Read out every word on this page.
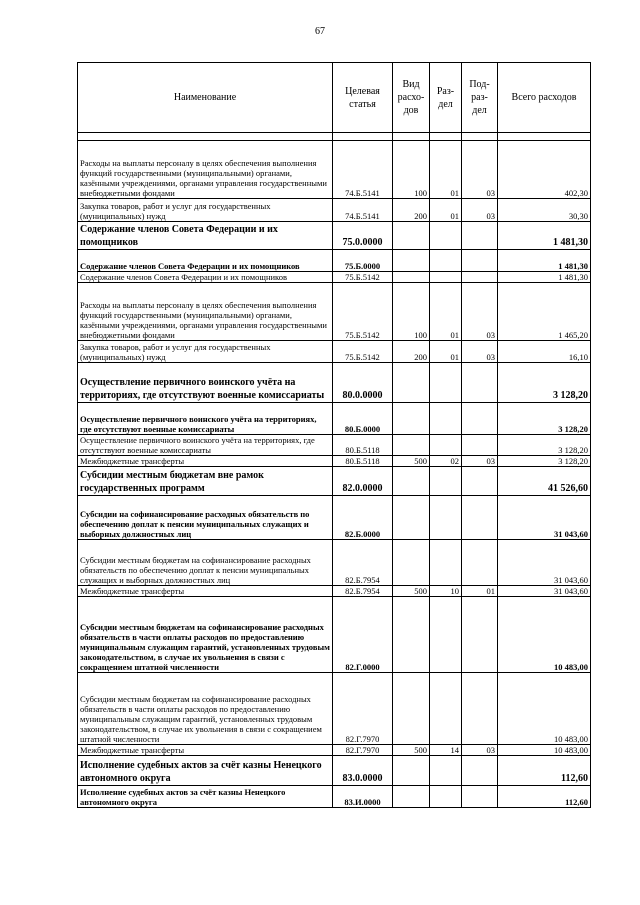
67
Наименование	Целевая статья	Вид расхо-дов	Раз-дел	Под-раз-дел	Всего расходов

Расходы на выплаты персоналу в целях обеспечения выполнения функций государственными (муниципальными) органами, казёнными учреждениями, органами управления государственными внебюджетными фондами	74.Б.5141	100	01	03	402,30
Закупка товаров, работ и услуг для государственных (муниципальных) нужд	74.Б.5141	200	01	03	30,30
Содержание членов Совета Федерации и их помощников	75.0.0000				1 481,30
Содержание членов Совета Федерации и их помощников	75.Б.0000				1 481,30
Содержание членов Совета Федерации и их помощников	75.Б.5142				1 481,30
Расходы на выплаты персоналу в целях обеспечения выполнения функций государственными (муниципальными) органами, казёнными учреждениями, органами управления государственными внебюджетными фондами	75.Б.5142	100	01	03	1 465,20
Закупка товаров, работ и услуг для государственных (муниципальных) нужд	75.Б.5142	200	01	03	16,10
Осуществление первичного воинского учёта на территориях, где отсутствуют военные комиссариаты	80.0.0000				3 128,20
Осуществление первичного воинского учёта на территориях, где отсутствуют военные комиссариаты	80.Б.0000				3 128,20
Осуществление первичного воинского учёта на территориях, где отсутствуют военные комиссариаты	80.Б.5118				3 128,20
Межбюджетные трансферты	80.Б.5118	500	02	03	3 128,20
Субсидии местным бюджетам вне рамок государственных программ	82.0.0000				41 526,60
Субсидии на софинансирование расходных обязательств по обеспечению доплат к пенсии муниципальных служащих и выборных должностных лиц	82.Б.0000				31 043,60
Субсидии местным бюджетам на софинансирование расходных обязательств по обеспечению доплат к пенсии муниципальных служащих и выборных должностных лиц	82.Б.7954				31 043,60
Межбюджетные трансферты	82.Б.7954	500	10	01	31 043,60
Субсидии местным бюджетам на софинансирование расходных обязательств в части оплаты расходов по предоставлению муниципальным служащим гарантий, установленных трудовым законодательством, в случае их увольнения в связи с сокращением штатной численности	82.Г.0000				10 483,00
Субсидии местным бюджетам на софинансирование расходных обязательств в части оплаты расходов по предоставлению муниципальным служащим гарантий, установленных трудовым законодательством, в случае их увольнения в связи с сокращением штатной численности	82.Г.7970				10 483,00
Межбюджетные трансферты	82.Г.7970	500	14	03	10 483,00
Исполнение судебных актов за счёт казны Ненецкого автономного округа	83.0.0000				112,60
Исполнение судебных актов за счёт казны Ненецкого автономного округа	83.И.0000				112,60
